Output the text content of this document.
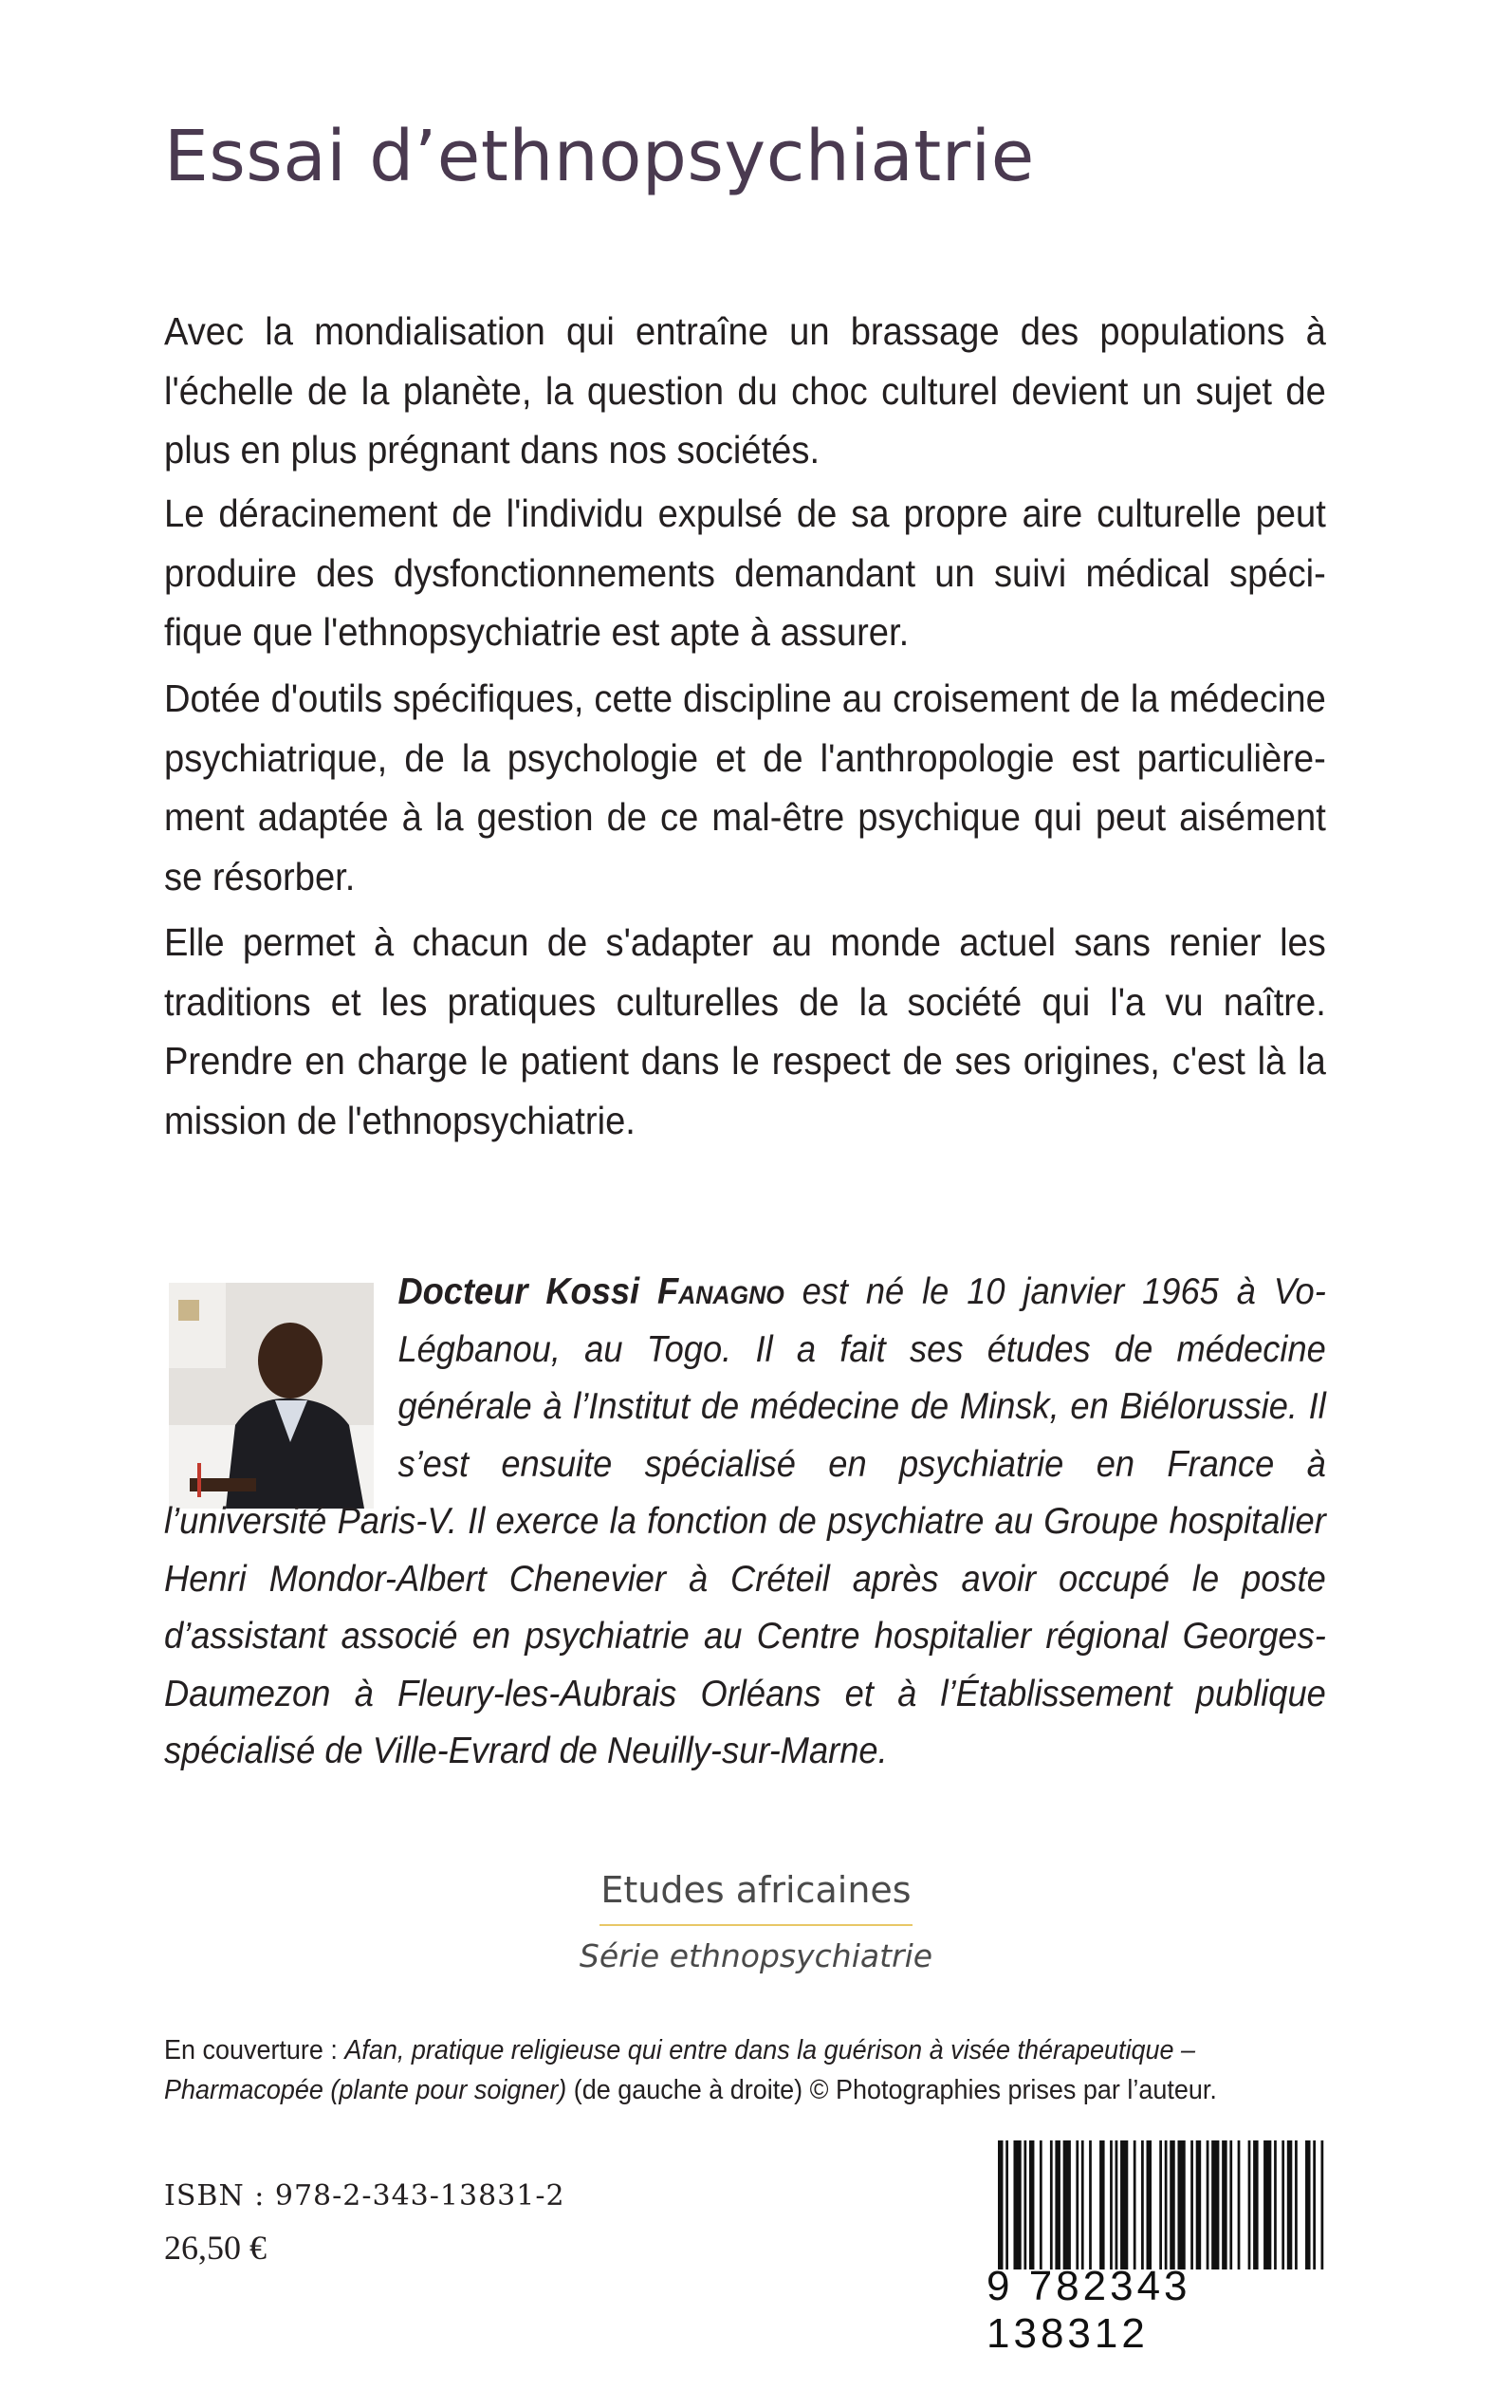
Essai d’ethnopsychiatrie

Avec la mondialisation qui entraîne un brassage des populations à l'échelle de la planète, la question du choc culturel devient un sujet de plus en plus prégnant dans nos sociétés.

Le déracinement de l'individu expulsé de sa propre aire culturelle peut produire des dysfonctionnements demandant un suivi médical spéci-fique que l'ethnopsychiatrie est apte à assurer.

Dotée d'outils spécifiques, cette discipline au croisement de la médecine psychiatrique, de la psychologie et de l'anthropologie est particulière-ment adaptée à la gestion de ce mal-être psychique qui peut aisément se résorber.

Elle permet à chacun de s'adapter au monde actuel sans renier les traditions et les pratiques culturelles de la société qui l'a vu naître. Prendre en charge le patient dans le respect de ses origines, c'est là la mission de l'ethnopsychiatrie.

Docteur Kossi Fanagno est né le 10 janvier 1965 à Vo-Légbanou, au Togo. Il a fait ses études de médecine générale à l’Institut de médecine de Minsk, en Biélorussie. Il s’est ensuite spécialisé en psychiatrie en France à l’université Paris-V. Il exerce la fonction de psychiatre au Groupe hospitalier Henri Mondor-Albert Chenevier à Créteil après avoir occupé le poste d’assistant associé en psychiatrie au Centre hospitalier régional Georges-Daumezon à Fleury-les-Aubrais Orléans et à l’Établissement publique spécialisé de Ville-Evrard de Neuilly-sur-Marne.

Etudes africaines
Série ethnopsychiatrie

En couverture : Afan, pratique religieuse qui entre dans la guérison à visée thérapeutique – Pharmacopée (plante pour soigner) (de gauche à droite) © Photographies prises par l’auteur.

ISBN : 978-2-343-13831-2
26,50 €
9 782343 138312
